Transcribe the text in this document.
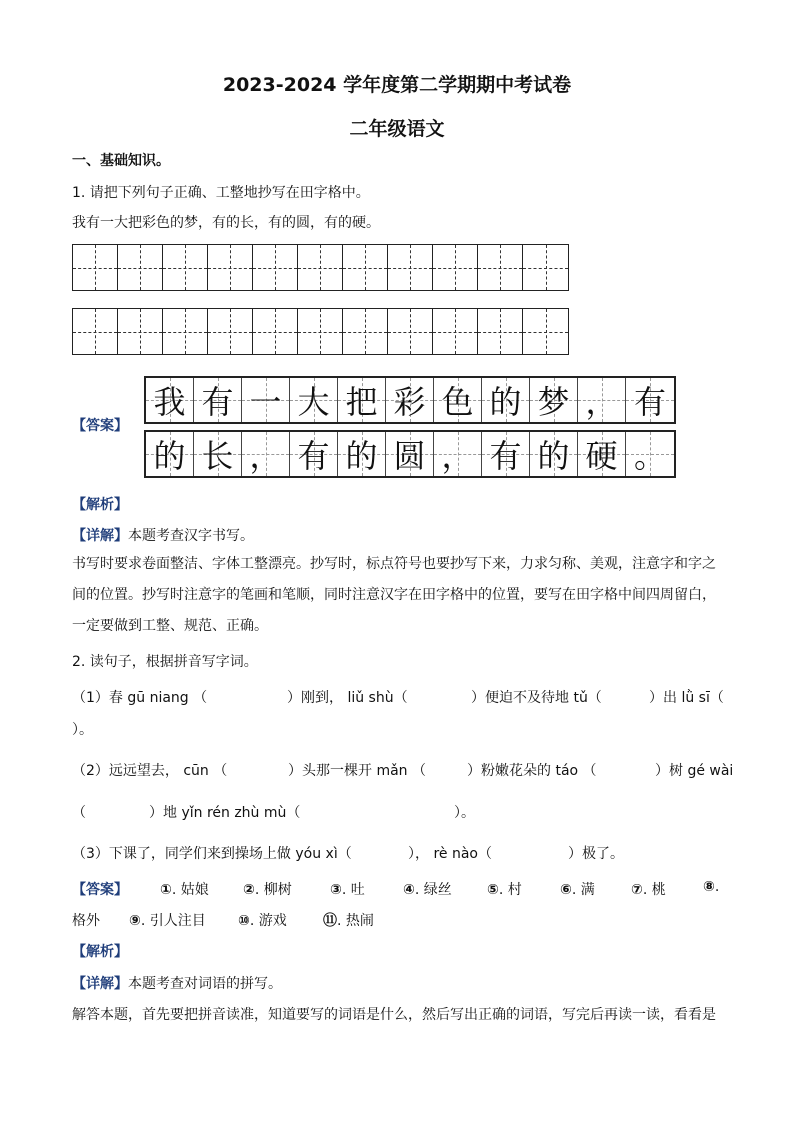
2023-2024 学年度第二学期期中考试卷
二年级语文
一、基础知识。
1. 请把下列句子正确、工整地抄写在田字格中。
我有一大把彩色的梦，有的长，有的圆，有的硬。
【答案】
我 有 一 大 把 彩 色 的 梦 ， 有
的 长 ， 有 的 圆 ， 有 的 硬 。
【解析】
【详解】本题考查汉字书写。
书写时要求卷面整洁、字体工整漂亮。抄写时，标点符号也要抄写下来，力求匀称、美观，注意字和字之
间的位置。抄写时注意字的笔画和笔顺，同时注意汉字在田字格中的位置，要写在田字格中间四周留白，
一定要做到工整、规范、正确。
2. 读句子，根据拼音写字词。
（1）春 gū niang （	）刚到， liǔ shù（	）便迫不及待地 tǔ（	）出 lǜ sī（
）。
（2）远远望去， cūn （	）头那一棵开 mǎn （	）粉嫩花朵的 táo （	）树 gé wài
（	）地 yǐn rén zhù mù（	）。
（3）下课了，同学们来到操场上做 yóu xì（	）， rè nào（	）极了。
【答案】 ①. 姑娘 ②. 柳树	③. 吐	④. 绿丝	⑤. 村	⑥. 满	⑦. 桃	⑧.
格外 ⑨. 引人注目 ⑩. 游戏	⑪. 热闹
【解析】
【详解】本题考查对词语的拼写。
解答本题，首先要把拼音读准，知道要写的词语是什么，然后写出正确的词语，写完后再读一读，看看是
